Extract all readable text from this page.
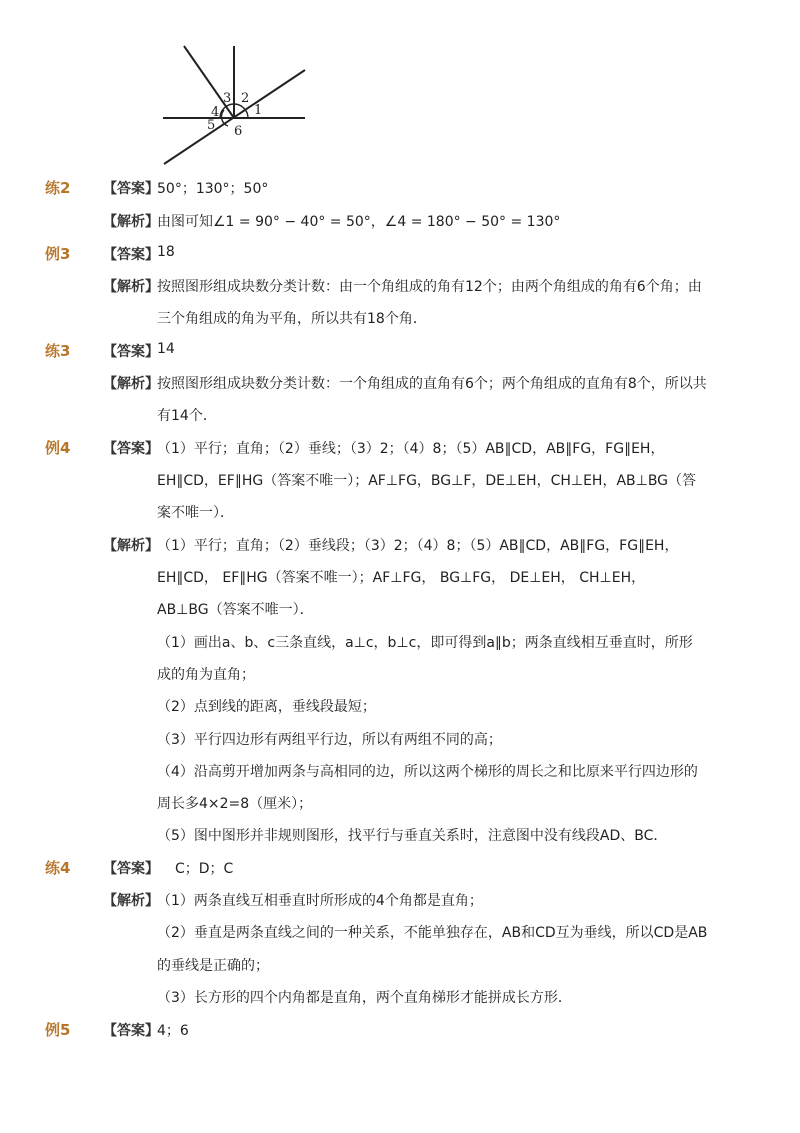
3 2
4	1
5 6
练2 【答案】
50°；130°；50°
【解析】
由图可知∠1 = 90° − 40° = 50°，∠4 = 180° − 50° = 130°
例3 【答案】
18
【解析】
按照图形组成块数分类计数：由一个角组成的角有12个；由两个角组成的角有6个角；由
三个角组成的角为平角，所以共有18个角．
练3 【答案】
14
【解析】
按照图形组成块数分类计数：一个角组成的直角有6个；两个角组成的直角有8个，所以共
有14个．
例4 【答案】
（1）平行；直角；（2）垂线；（3）2；（4）8；（5）AB∥CD，AB∥FG，FG∥EH，
EH∥CD，EF∥HG（答案不唯一）；AF⊥FG，BG⊥F，DE⊥EH，CH⊥EH，AB⊥BG（答
案不唯一）．
【解析】
（1）平行；直角；（2）垂线段；（3）2；（4）8；（5）AB∥CD，AB∥FG，FG∥EH，
EH∥CD， EF∥HG（答案不唯一）；AF⊥FG， BG⊥FG， DE⊥EH， CH⊥EH，
AB⊥BG（答案不唯一）．
（1）画出a、b、c三条直线，a⊥c，b⊥c，即可得到a∥b；两条直线相互垂直时，所形
成的角为直角；
（2）点到线的距离，垂线段最短；
（3）平行四边形有两组平行边，所以有两组不同的高；
（4）沿高剪开增加两条与高相同的边，所以这两个梯形的周长之和比原来平行四边形的
周长多4×2=8（厘米）；
（5）图中图形并非规则图形，找平行与垂直关系时，注意图中没有线段AD、BC．
练4 【答案】 C；D；C
【解析】
（1）两条直线互相垂直时所形成的4个角都是直角；
（2）垂直是两条直线之间的一种关系，不能单独存在，AB和CD互为垂线，所以CD是AB
的垂线是正确的；
（3）长方形的四个内角都是直角，两个直角梯形才能拼成长方形．
例5 【答案】
4；6
